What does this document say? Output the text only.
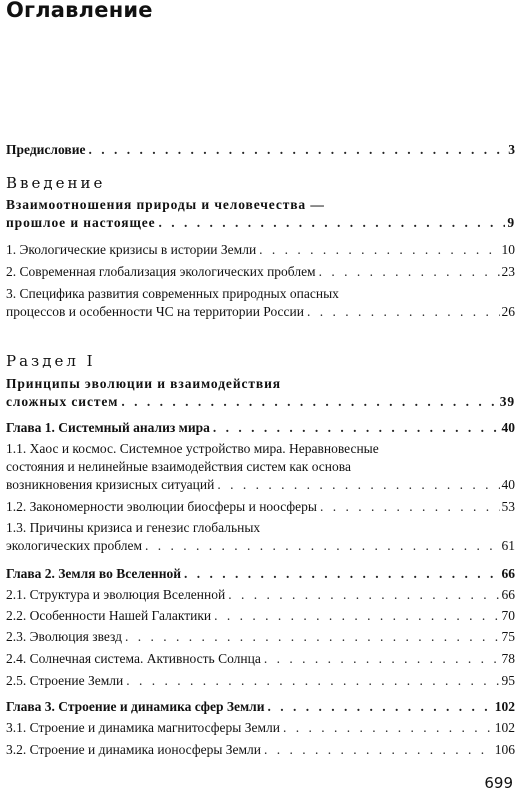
Оглавление
Предисловие . . .	3
Введение
Взаимоотношения природы и человечества —
прошлое и настоящее . . .	9
1. Экологические кризисы в истории Земли . . .	10
2. Современная глобализация экологических проблем . . .	23
3. Специфика развития современных природных опасных
процессов и особенности ЧС на территории России . . .	26
Раздел I
Принципы эволюции и взаимодействия
сложных систем . . .	39
Глава 1. Системный анализ мира . . .	40
1.1. Хаос и космос. Системное устройство мира. Неравновесные
состояния и нелинейные взаимодействия систем как основа
возникновения кризисных ситуаций . . .	40
1.2. Закономерности эволюции биосферы и ноосферы . . .	53
1.3. Причины кризиса и генезис глобальных
экологических проблем . . .	61
Глава 2. Земля во Вселенной . . .	66
2.1. Структура и эволюция Вселенной . . .	66
2.2. Особенности Нашей Галактики . . .	70
2.3. Эволюция звезд . . .	75
2.4. Солнечная система. Активность Солнца . . .	78
2.5. Строение Земли . . .	95
Глава 3. Строение и динамика сфер Земли . . .	102
3.1. Строение и динамика магнитосферы Земли . . .	102
3.2. Строение и динамика ионосферы Земли . . .	106
699
